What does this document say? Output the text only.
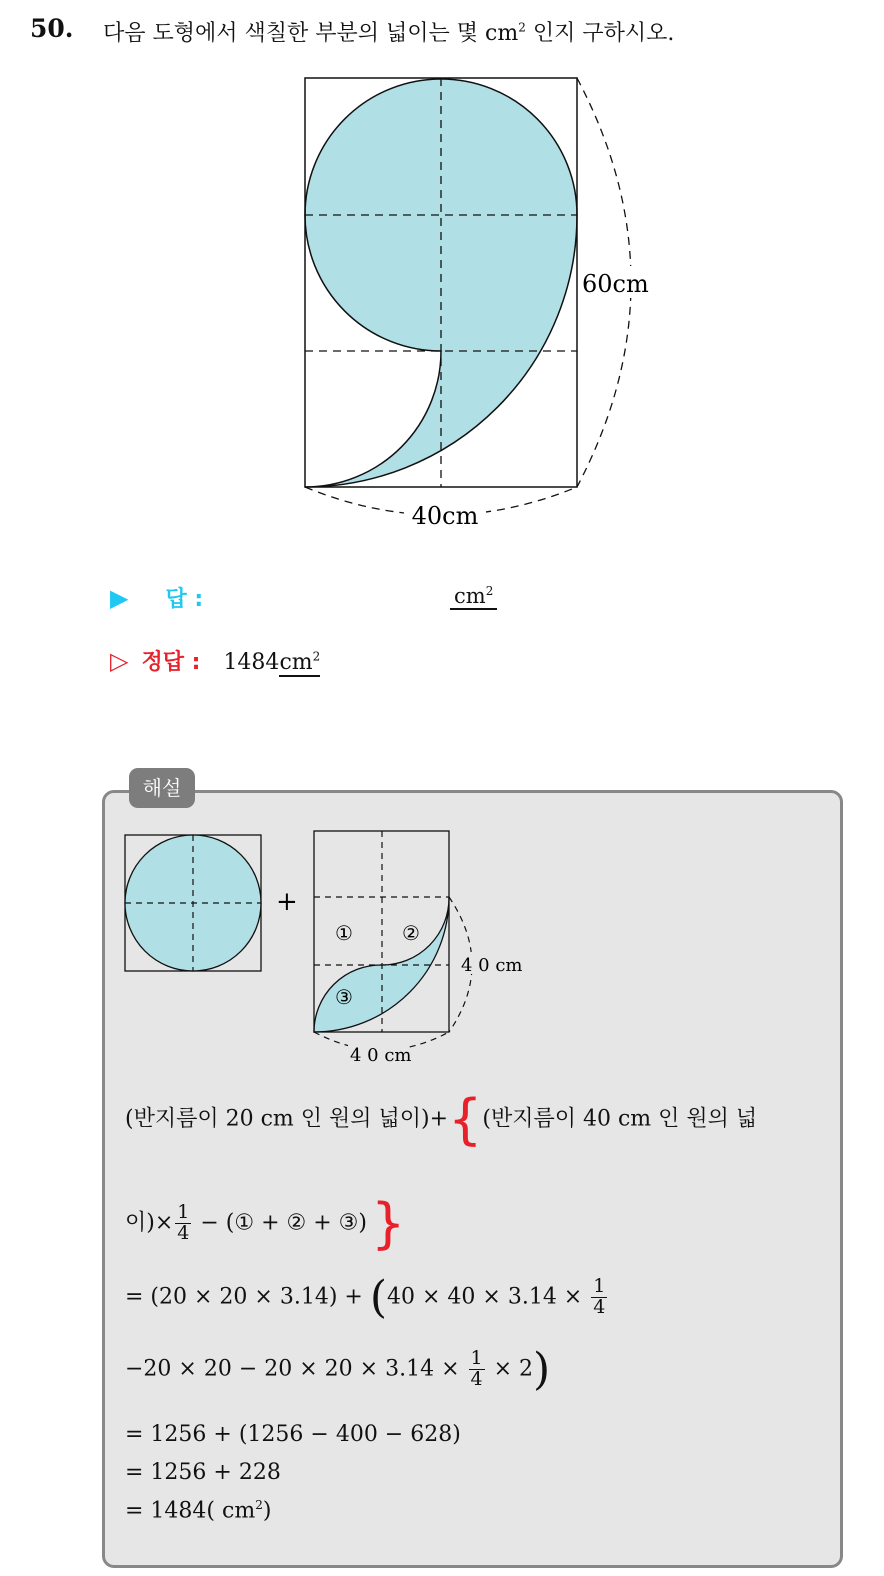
50. 다음 도형에서 색칠한 부분의 넓이는 몇 $cm^2$ 인지 구하시오.
40cm
60cm
▶ 답 :	$cm^2$
▷ 정답 : $1484cm^2$
해설
+
① ②
③
4 0 cm
4 0 cm
(반지름이 20 cm 인 원의 넓이)+{(반지름이 40 cm 인 원의 넓
이)× $\frac{1}{4}$ − (① + ② + ③)}
= $(20 \times 20 \times 3.14) + (40 \times 40 \times 3.14 \times \frac{1}{4}$
$-20 \times 20 - 20 \times 20 \times 3.14 \times \frac{1}{4} \times 2$)
= 1256 + (1256 − 400 − 628)
= 1256 + 228
= 1484( $cm^2$)
